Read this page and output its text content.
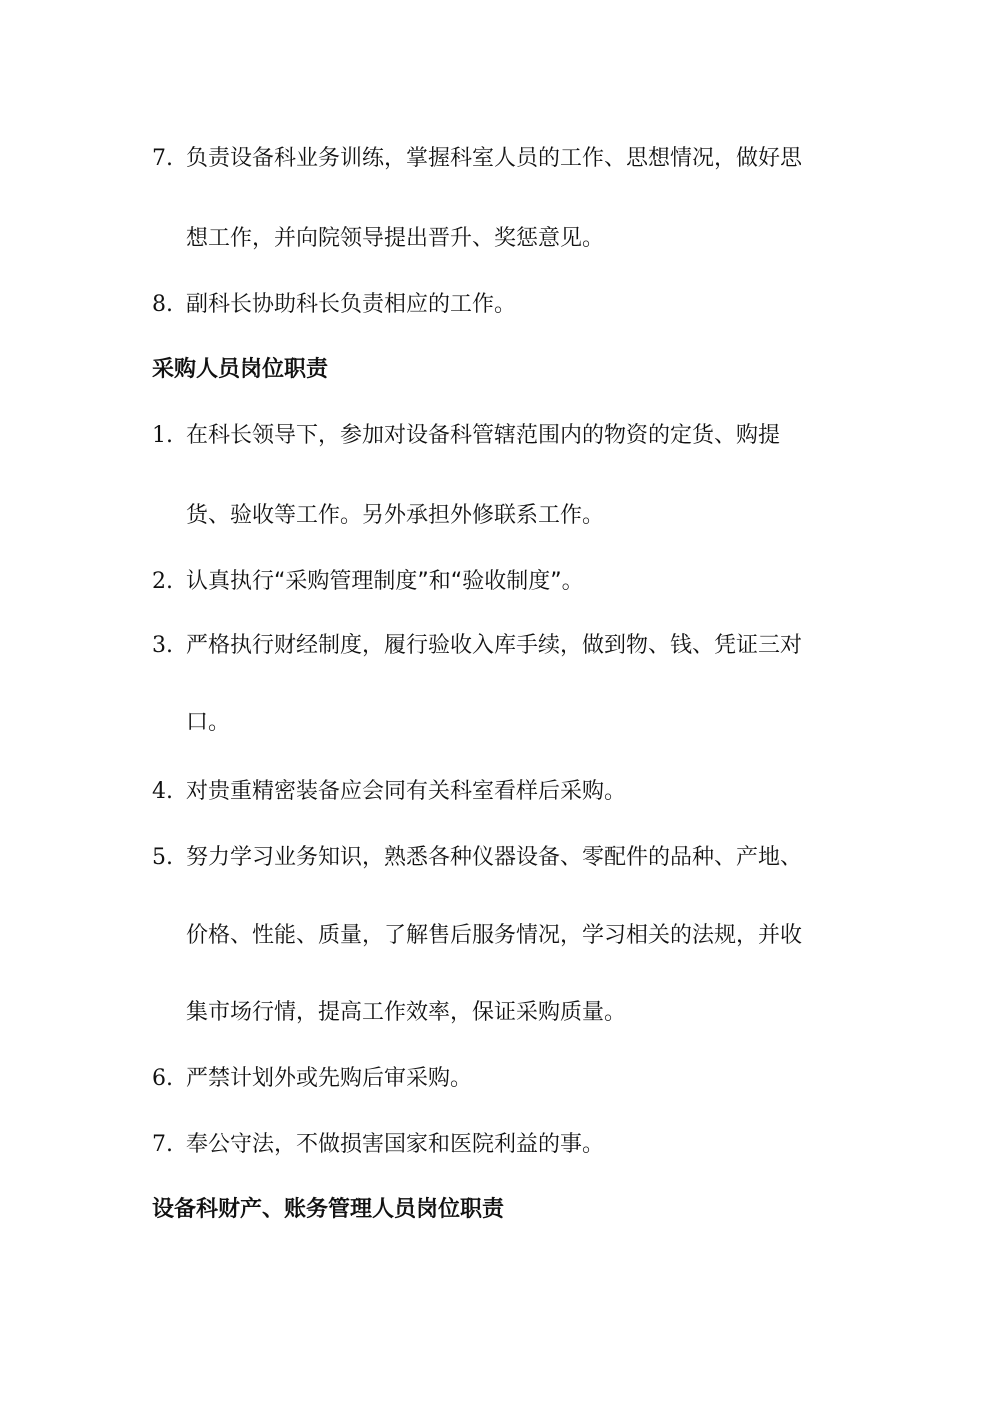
7. 负责设备科业务训练，掌握科室人员的工作、思想情况，做好思
想工作，并向院领导提出晋升、奖惩意见。
8. 副科长协助科长负责相应的工作。
采购人员岗位职责
1. 在科长领导下，参加对设备科管辖范围内的物资的定货、购提
货、验收等工作。另外承担外修联系工作。
2. 认真执行“采购管理制度”和“验收制度”。
3. 严格执行财经制度，履行验收入库手续，做到物、钱、凭证三对
口。
4. 对贵重精密装备应会同有关科室看样后采购。
5. 努力学习业务知识，熟悉各种仪器设备、零配件的品种、产地、
价格、性能、质量，了解售后服务情况，学习相关的法规，并收
集市场行情，提高工作效率，保证采购质量。
6. 严禁计划外或先购后审采购。
7. 奉公守法，不做损害国家和医院利益的事。
设备科财产、账务管理人员岗位职责
